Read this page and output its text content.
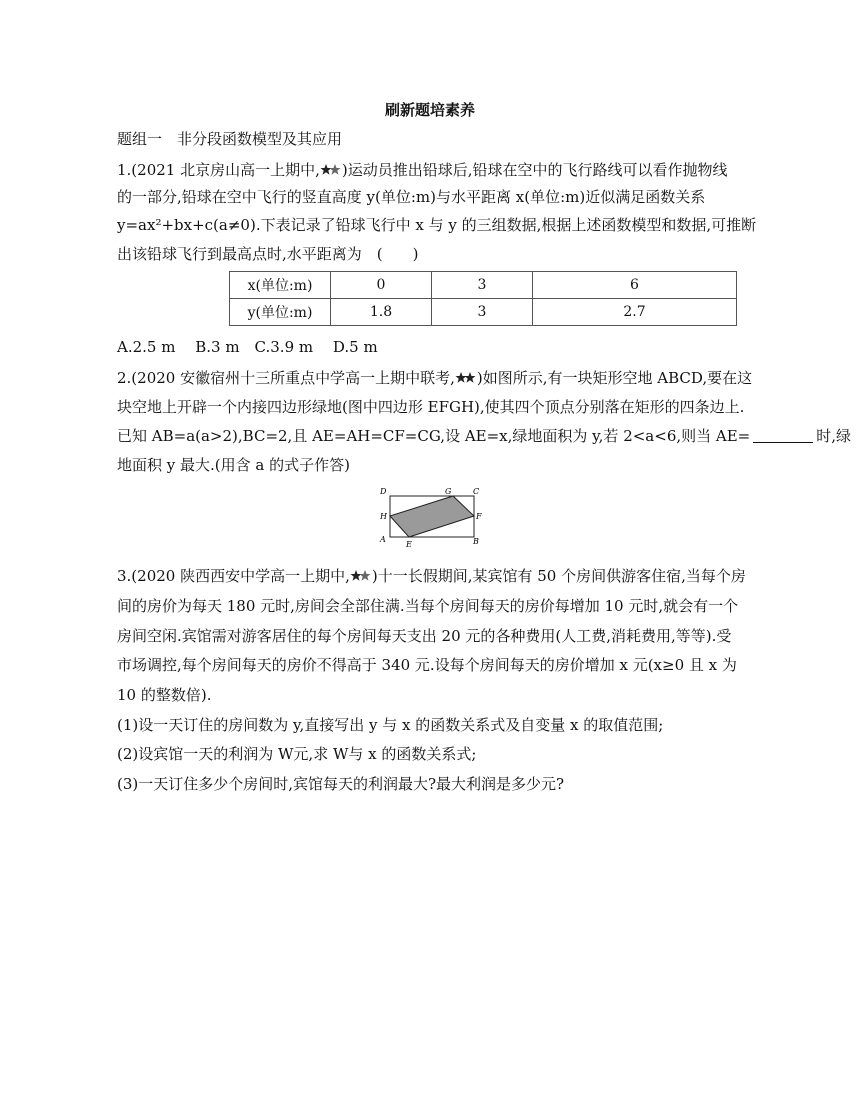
刷新题培素养
题组一　非分段函数模型及其应用
1.(2021 北京房山高一上期中, )运动员推出铅球后,铅球在空中的飞行路线可以看作抛物线
的一部分,铅球在空中飞行的竖直高度 y(单位:m)与水平距离 x(单位:m)近似满足函数关系
y=ax²+bx+c(a≠0).下表记录了铅球飞行中 x 与 y 的三组数据,根据上述函数模型和数据,可推断
出该铅球飞行到最高点时,水平距离为　(　　)
x(单位:m)	0	3	6
y(单位:m)	1.8	3	2.7
A.2.5 m　 B.3 m　C.3.9 m　 D.5 m
2.(2020 安徽宿州十三所重点中学高一上期中联考, )如图所示,有一块矩形空地 ABCD,要在这
块空地上开辟一个内接四边形绿地(图中四边形 EFGH),使其四个顶点分别落在矩形的四条边上.
已知 AB=a(a>2),BC=2,且 AE=AH=CF=CG,设 AE=x,绿地面积为 y,若 2<a<6,则当 AE=	时,绿
地面积 y 最大.(用含 a 的式子作答)
D	G	C
H	F
A
E	B
3.(2020 陕西西安中学高一上期中, )十一长假期间,某宾馆有 50 个房间供游客住宿,当每个房
间的房价为每天 180 元时,房间会全部住满.当每个房间每天的房价每增加 10 元时,就会有一个
房间空闲.宾馆需对游客居住的每个房间每天支出 20 元的各种费用(人工费,消耗费用,等等).受
市场调控,每个房间每天的房价不得高于 340 元.设每个房间每天的房价增加 x 元(x≥0 且 x 为
10 的整数倍).
(1)设一天订住的房间数为 y,直接写出 y 与 x 的函数关系式及自变量 x 的取值范围;
(2)设宾馆一天的利润为 W元,求 W与 x 的函数关系式;
(3)一天订住多少个房间时,宾馆每天的利润最大?最大利润是多少元?
